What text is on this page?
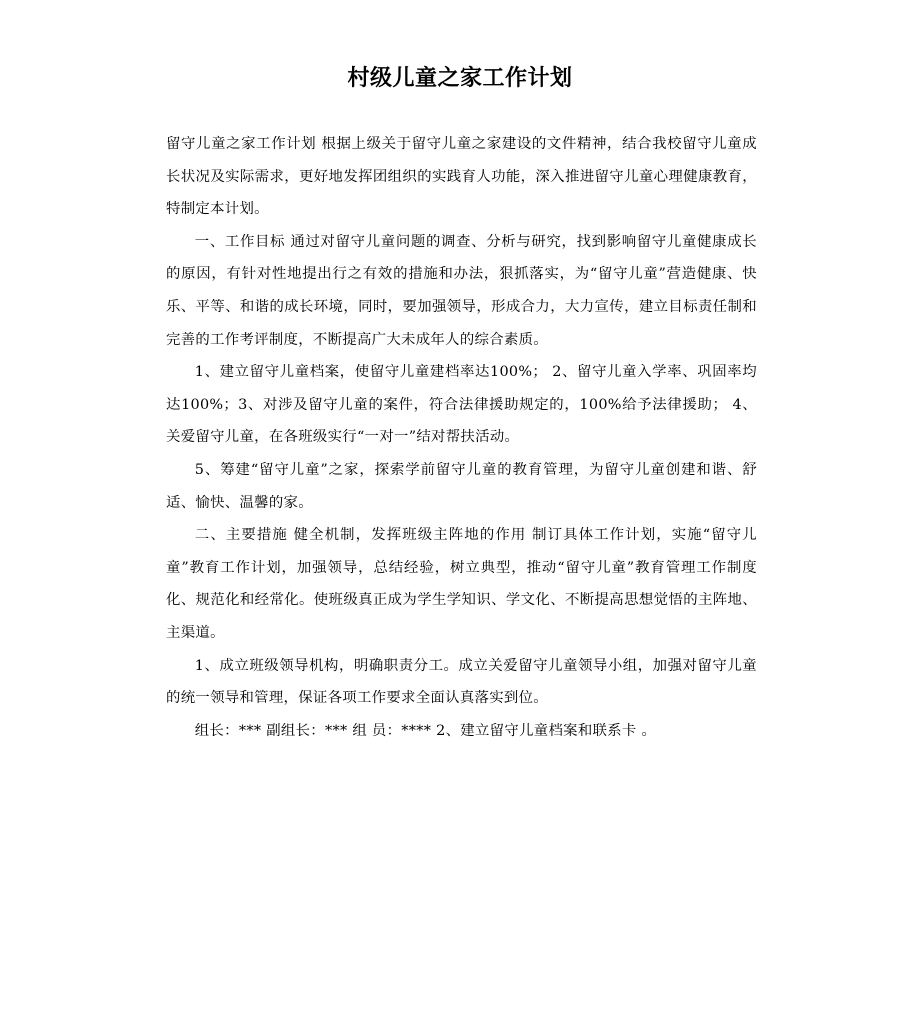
村级儿童之家工作计划

留守儿童之家工作计划 根据上级关于留守儿童之家建设的文件精神，结合我校留守儿童成长状况及实际需求，更好地发挥团组织的实践育人功能，深入推进留守儿童心理健康教育，特制定本计划。

一、工作目标 通过对留守儿童问题的调查、分析与研究，找到影响留守儿童健康成长的原因，有针对性地提出行之有效的措施和办法，狠抓落实，为“留守儿童”营造健康、快乐、平等、和谐的成长环境，同时，要加强领导，形成合力，大力宣传，建立目标责任制和完善的工作考评制度，不断提高广大未成年人的综合素质。

1、建立留守儿童档案，使留守儿童建档率达100%； 2、留守儿童入学率、巩固率均达100%；3、对涉及留守儿童的案件，符合法律援助规定的，100%给予法律援助； 4、关爱留守儿童，在各班级实行“一对一”结对帮扶活动。

5、筹建“留守儿童”之家，探索学前留守儿童的教育管理，为留守儿童创建和谐、舒适、愉快、温馨的家。

二、主要措施 健全机制，发挥班级主阵地的作用 制订具体工作计划，实施“留守儿童”教育工作计划，加强领导，总结经验，树立典型，推动“留守儿童”教育管理工作制度化、规范化和经常化。使班级真正成为学生学知识、学文化、不断提高思想觉悟的主阵地、主渠道。

1、成立班级领导机构，明确职责分工。成立关爱留守儿童领导小组，加强对留守儿童的统一领导和管理，保证各项工作要求全面认真落实到位。

组长：*** 副组长：*** 组 员：**** 2、建立留守儿童档案和联系卡 。
